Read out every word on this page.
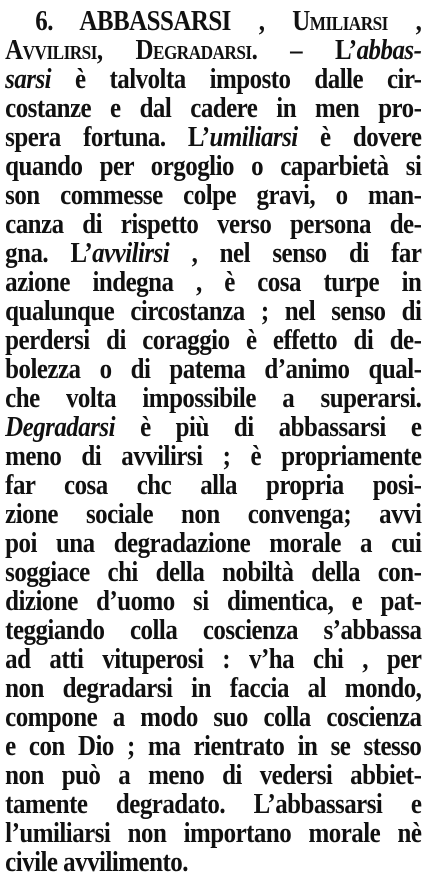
6. ABBASSARSI , Umiliarsi ,
Avvilirsi, Degradarsi. – L’abbas-
sarsi è talvolta imposto dalle cir-
costanze e dal cadere in men pro-
spera fortuna. L’umiliarsi è dovere
quando per orgoglio o caparbietà si
son commesse colpe gravi, o man-
canza di rispetto verso persona de-
gna. L’avvilirsi , nel senso di far
azione indegna , è cosa turpe in
qualunque circostanza ; nel senso di
perdersi di coraggio è effetto di de-
bolezza o di patema d’animo qual-
che volta impossibile a superarsi.
Degradarsi è più di abbassarsi e
meno di avvilirsi ; è propriamente
far cosa chc alla propria posi-
zione sociale non convenga; avvi
poi una degradazione morale a cui
soggiace chi della nobiltà della con-
dizione d’uomo si dimentica, e pat-
teggiando colla coscienza s’abbassa
ad atti vituperosi : v’ha chi , per
non degradarsi in faccia al mondo,
compone a modo suo colla coscienza
e con Dio ; ma rientrato in se stesso
non può a meno di vedersi abbiet-
tamente degradato. L’abbassarsi e
l’umiliarsi non importano morale nè
civile avvilimento.
